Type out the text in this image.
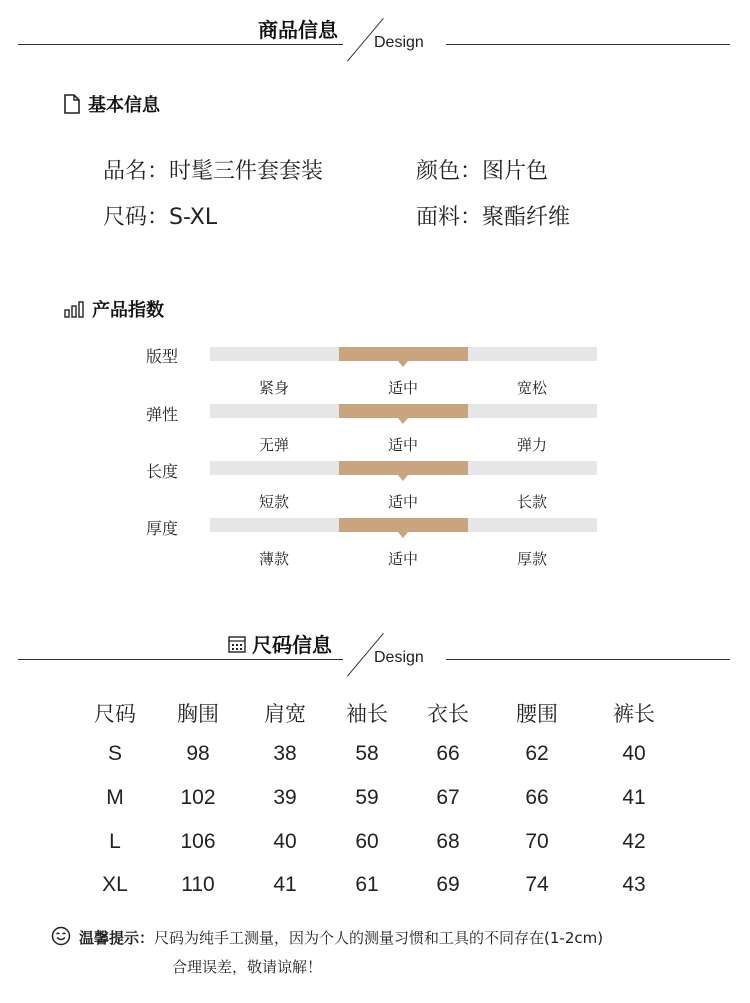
商品信息
Design
基本信息
品名：时髦三件套套装	颜色：图片色
尺码：S-XL	面料：聚酯纤维
产品指数
版型
紧身	适中	宽松
弹性
无弹	适中	弹力
长度
短款	适中	长款
厚度
薄款	适中	厚款
尺码信息
Design
尺码	胸围	肩宽	袖长	衣长	腰围	裤长
S	98	38	58	66	62	40
M	102	39	59	67	66	41
L	106	40	60	68	70	42
XL	110	41	61	69	74	43
温馨提示：尺码为纯手工测量，因为个人的测量习惯和工具的不同存在(1-2cm)
合理误差，敬请谅解！
